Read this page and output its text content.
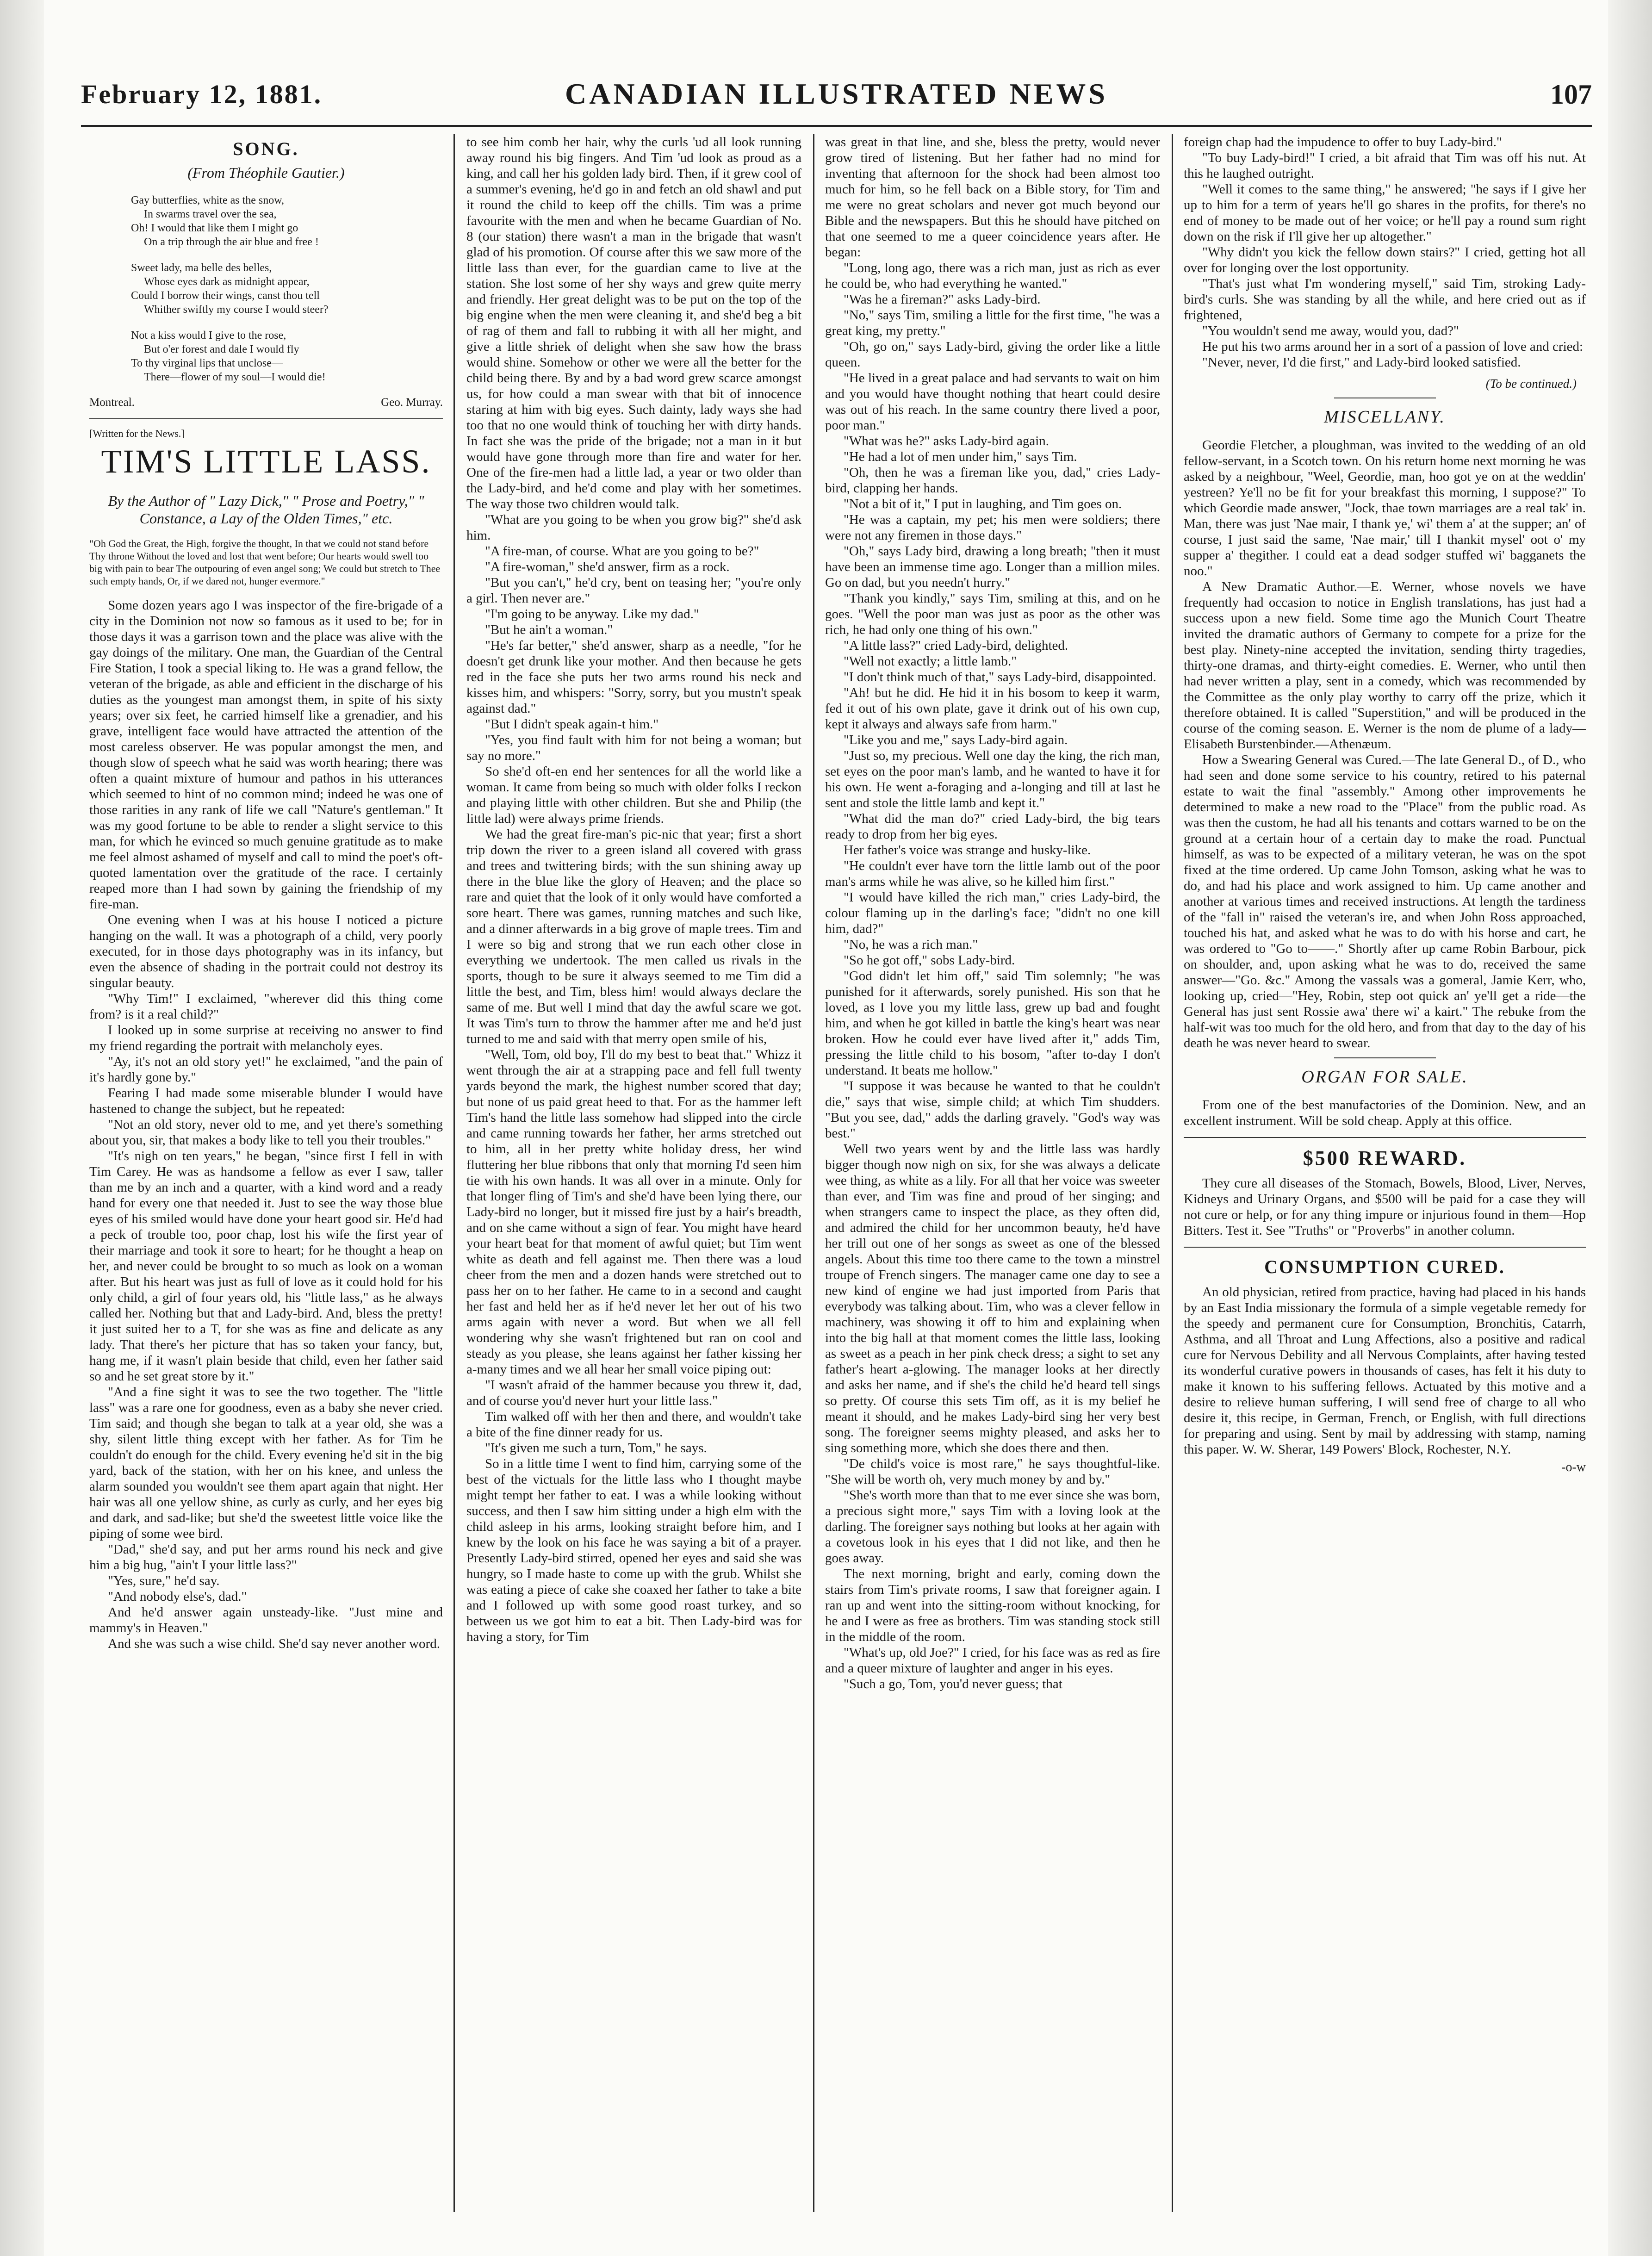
February 12, 1881.	CANADIAN ILLUSTRATED NEWS	107
SONG.
(From Théophile Gautier.)
Gay butterflies, white as the snow,
In swarms travel over the sea,
Oh! I would that like them I might go
On a trip through the air blue and free !
Sweet lady, ma belle des belles,
Whose eyes dark as midnight appear,
Could I borrow their wings, canst thou tell
Whither swiftly my course I would steer?
Not a kiss would I give to the rose,
But o'er forest and dale I would fly
To thy virginal lips that unclose—
There—flower of my soul—I would die!
Montreal.	Geo. Murray.
[Written for the News.]
TIM'S LITTLE LASS.
By the Author of " Lazy Dick," " Prose and Poetry," " Constance, a Lay of the Olden Times," etc.
"Oh God the Great, the High, forgive the thought, In that we could not stand before Thy throne Without the loved and lost that went before; Our hearts would swell too big with pain to bear The outpouring of even angel song; We could but stretch to Thee such empty hands, Or, if we dared not, hunger evermore."

Some dozen years ago I was inspector of the fire-brigade of a city in the Dominion not now so famous as it used to be; for in those days it was a garrison town and the place was alive with the gay doings of the military. One man, the Guardian of the Central Fire Station, I took a special liking to. He was a grand fellow, the veteran of the brigade, as able and efficient in the discharge of his duties as the youngest man amongst them, in spite of his sixty years; over six feet, he carried himself like a grenadier, and his grave, intelligent face would have attracted the attention of the most careless observer. He was popular amongst the men, and though slow of speech what he said was worth hearing; there was often a quaint mixture of humour and pathos in his utterances which seemed to hint of no common mind; indeed he was one of those rarities in any rank of life we call "Nature's gentleman." It was my good fortune to be able to render a slight service to this man, for which he evinced so much genuine gratitude as to make me feel almost ashamed of myself and call to mind the poet's oft-quoted lamentation over the gratitude of the race. I certainly reaped more than I had sown by gaining the friendship of my fire-man.

One evening when I was at his house I noticed a picture hanging on the wall. It was a photograph of a child, very poorly executed, for in those days photography was in its infancy, but even the absence of shading in the portrait could not destroy its singular beauty.

"Why Tim!" I exclaimed, "wherever did this thing come from? is it a real child?"

I looked up in some surprise at receiving no answer to find my friend regarding the portrait with melancholy eyes.

"Ay, it's not an old story yet!" he exclaimed, "and the pain of it's hardly gone by."

Fearing I had made some miserable blunder I would have hastened to change the subject, but he repeated:

"Not an old story, never old to me, and yet there's something about you, sir, that makes a body like to tell you their troubles."

"It's nigh on ten years," he began, "since first I fell in with Tim Carey. He was as handsome a fellow as ever I saw, taller than me by an inch and a quarter, with a kind word and a ready hand for every one that needed it. Just to see the way those blue eyes of his smiled would have done your heart good sir. He'd had a peck of trouble too, poor chap, lost his wife the first year of their marriage and took it sore to heart; for he thought a heap on her, and never could be brought to so much as look on a woman after. But his heart was just as full of love as it could hold for his only child, a girl of four years old, his "little lass," as he always called her. Nothing but that and Lady-bird. And, bless the pretty! it just suited her to a T, for she was as fine and delicate as any lady. That there's her picture that has so taken your fancy, but, hang me, if it wasn't plain beside that child, even her father said so and he set great store by it."

"And a fine sight it was to see the two together. The "little lass" was a rare one for goodness, even as a baby she never cried. Tim said; and though she began to talk at a year old, she was a shy, silent little thing except with her father. As for Tim he couldn't do enough for the child. Every evening he'd sit in the big yard, back of the station, with her on his knee, and unless the alarm sounded you wouldn't see them apart again that night. Her hair was all one yellow shine, as curly as curly, and her eyes big and dark, and sad-like; but she'd the sweetest little voice like the piping of some wee bird.

"Dad," she'd say, and put her arms round his neck and give him a big hug, "ain't I your little lass?"

"Yes, sure," he'd say.

"And nobody else's, dad."

And he'd answer again unsteady-like. "Just mine and mammy's in Heaven."

And she was such a wise child. She'd say never another word.

to see him comb her hair, why the curls 'ud all look running away round his big fingers. And Tim 'ud look as proud as a king, and call her his golden lady bird. Then, if it grew cool of a summer's evening, he'd go in and fetch an old shawl and put it round the child to keep off the chills. Tim was a prime favourite with the men and when he became Guardian of No. 8 (our station) there wasn't a man in the brigade that wasn't glad of his promotion. Of course after this we saw more of the little lass than ever, for the guardian came to live at the station. She lost some of her shy ways and grew quite merry and friendly. Her great delight was to be put on the top of the big engine when the men were cleaning it, and she'd beg a bit of rag of them and fall to rubbing it with all her might, and give a little shriek of delight when she saw how the brass would shine. Somehow or other we were all the better for the child being there. By and by a bad word grew scarce amongst us, for how could a man swear with that bit of innocence staring at him with big eyes. Such dainty, lady ways she had too that no one would think of touching her with dirty hands. In fact she was the pride of the brigade; not a man in it but would have gone through more than fire and water for her. One of the fire-men had a little lad, a year or two older than the Lady-bird, and he'd come and play with her sometimes. The way those two children would talk.

"What are you going to be when you grow big?" she'd ask him.

"A fire-man, of course. What are you going to be?"

"A fire-woman," she'd answer, firm as a rock.

"But you can't," he'd cry, bent on teasing her; "you're only a girl. Then never are."

"I'm going to be anyway. Like my dad."

"But he ain't a woman."

"He's far better," she'd answer, sharp as a needle, "for he doesn't get drunk like your mother. And then because he gets red in the face she puts her two arms round his neck and kisses him, and whispers: "Sorry, sorry, but you mustn't speak against dad."

"But I didn't speak again-t him."

"Yes, you find fault with him for not being a woman; but say no more."

So she'd oft-en end her sentences for all the world like a woman. It came from being so much with older folks I reckon and playing little with other children. But she and Philip (the little lad) were always prime friends.

We had the great fire-man's pic-nic that year; first a short trip down the river to a green island all covered with grass and trees and twittering birds; with the sun shining away up there in the blue like the glory of Heaven; and the place so rare and quiet that the look of it only would have comforted a sore heart. There was games, running matches and such like, and a dinner afterwards in a big grove of maple trees. Tim and I were so big and strong that we run each other close in everything we undertook. The men called us rivals in the sports, though to be sure it always seemed to me Tim did a little the best, and Tim, bless him! would always declare the same of me. But well I mind that day the awful scare we got. It was Tim's turn to throw the hammer after me and he'd just turned to me and said with that merry open smile of his,

"Well, Tom, old boy, I'll do my best to beat that." Whizz it went through the air at a strapping pace and fell full twenty yards beyond the mark, the highest number scored that day; but none of us paid great heed to that. For as the hammer left Tim's hand the little lass somehow had slipped into the circle and came running towards her father, her arms stretched out to him, all in her pretty white holiday dress, her wind fluttering her blue ribbons that only that morning I'd seen him tie with his own hands. It was all over in a minute. Only for that longer fling of Tim's and she'd have been lying there, our Lady-bird no longer, but it missed fire just by a hair's breadth, and on she came without a sign of fear. You might have heard your heart beat for that moment of awful quiet; but Tim went white as death and fell against me. Then there was a loud cheer from the men and a dozen hands were stretched out to pass her on to her father. He came to in a second and caught her fast and held her as if he'd never let her out of his two arms again with never a word. But when we all fell wondering why she wasn't frightened but ran on cool and steady as you please, she leans against her father kissing her a-many times and we all hear her small voice piping out:

"I wasn't afraid of the hammer because you threw it, dad, and of course you'd never hurt your little lass."

Tim walked off with her then and there, and wouldn't take a bite of the fine dinner ready for us.

"It's given me such a turn, Tom," he says.

So in a little time I went to find him, carrying some of the best of the victuals for the little lass who I thought maybe might tempt her father to eat. I was a while looking without success, and then I saw him sitting under a high elm with the child asleep in his arms, looking straight before him, and I knew by the look on his face he was saying a bit of a prayer. Presently Lady-bird stirred, opened her eyes and said she was hungry, so I made haste to come up with the grub. Whilst she was eating a piece of cake she coaxed her father to take a bite and I followed up with some good roast turkey, and so between us we got him to eat a bit. Then Lady-bird was for having a story, for Tim

was great in that line, and she, bless the pretty, would never grow tired of listening. But her father had no mind for inventing that afternoon for the shock had been almost too much for him, so he fell back on a Bible story, for Tim and me were no great scholars and never got much beyond our Bible and the newspapers. But this he should have pitched on that one seemed to me a queer coincidence years after. He began:

"Long, long ago, there was a rich man, just as rich as ever he could be, who had everything he wanted."

"Was he a fireman?" asks Lady-bird.

"No," says Tim, smiling a little for the first time, "he was a great king, my pretty."

"Oh, go on," says Lady-bird, giving the order like a little queen.

"He lived in a great palace and had servants to wait on him and you would have thought nothing that heart could desire was out of his reach. In the same country there lived a poor, poor man."

"What was he?" asks Lady-bird again.

"He had a lot of men under him," says Tim.

"Oh, then he was a fireman like you, dad," cries Lady-bird, clapping her hands.

"Not a bit of it," I put in laughing, and Tim goes on.

"He was a captain, my pet; his men were soldiers; there were not any firemen in those days."

"Oh," says Lady bird, drawing a long breath; "then it must have been an immense time ago. Longer than a million miles. Go on dad, but you needn't hurry."

"Thank you kindly," says Tim, smiling at this, and on he goes. "Well the poor man was just as poor as the other was rich, he had only one thing of his own."

"A little lass?" cried Lady-bird, delighted.

"Well not exactly; a little lamb."

"I don't think much of that," says Lady-bird, disappointed.

"Ah! but he did. He hid it in his bosom to keep it warm, fed it out of his own plate, gave it drink out of his own cup, kept it always and always safe from harm."

"Like you and me," says Lady-bird again.

"Just so, my precious. Well one day the king, the rich man, set eyes on the poor man's lamb, and he wanted to have it for his own. He went a-foraging and a-longing and till at last he sent and stole the little lamb and kept it."

"What did the man do?" cried Lady-bird, the big tears ready to drop from her big eyes.

Her father's voice was strange and husky-like.

"He couldn't ever have torn the little lamb out of the poor man's arms while he was alive, so he killed him first."

"I would have killed the rich man," cries Lady-bird, the colour flaming up in the darling's face; "didn't no one kill him, dad?"

"No, he was a rich man."

"So he got off," sobs Lady-bird.

"God didn't let him off," said Tim solemnly; "he was punished for it afterwards, sorely punished. His son that he loved, as I love you my little lass, grew up bad and fought him, and when he got killed in battle the king's heart was near broken. How he could ever have lived after it," adds Tim, pressing the little child to his bosom, "after to-day I don't understand. It beats me hollow."

"I suppose it was because he wanted to that he couldn't die," says that wise, simple child; at which Tim shudders. "But you see, dad," adds the darling gravely. "God's way was best."

Well two years went by and the little lass was hardly bigger though now nigh on six, for she was always a delicate wee thing, as white as a lily. For all that her voice was sweeter than ever, and Tim was fine and proud of her singing; and when strangers came to inspect the place, as they often did, and admired the child for her uncommon beauty, he'd have her trill out one of her songs as sweet as one of the blessed angels. About this time too there came to the town a minstrel troupe of French singers. The manager came one day to see a new kind of engine we had just imported from Paris that everybody was talking about. Tim, who was a clever fellow in machinery, was showing it off to him and explaining when into the big hall at that moment comes the little lass, looking as sweet as a peach in her pink check dress; a sight to set any father's heart a-glowing. The manager looks at her directly and asks her name, and if she's the child he'd heard tell sings so pretty. Of course this sets Tim off, as it is my belief he meant it should, and he makes Lady-bird sing her very best song. The foreigner seems mighty pleased, and asks her to sing something more, which she does there and then.

"De child's voice is most rare," he says thoughtful-like. "She will be worth oh, very much money by and by."

"She's worth more than that to me ever since she was born, a precious sight more," says Tim with a loving look at the darling. The foreigner says nothing but looks at her again with a covetous look in his eyes that I did not like, and then he goes away.

The next morning, bright and early, coming down the stairs from Tim's private rooms, I saw that foreigner again. I ran up and went into the sitting-room without knocking, for he and I were as free as brothers. Tim was standing stock still in the middle of the room.

"What's up, old Joe?" I cried, for his face was as red as fire and a queer mixture of laughter and anger in his eyes.

"Such a go, Tom, you'd never guess; that

foreign chap had the impudence to offer to buy Lady-bird."

"To buy Lady-bird!" I cried, a bit afraid that Tim was off his nut. At this he laughed outright.

"Well it comes to the same thing," he answered; "he says if I give her up to him for a term of years he'll go shares in the profits, for there's no end of money to be made out of her voice; or he'll pay a round sum right down on the risk if I'll give her up altogether."

"Why didn't you kick the fellow down stairs?" I cried, getting hot all over for longing over the lost opportunity.

"That's just what I'm wondering myself," said Tim, stroking Lady-bird's curls. She was standing by all the while, and here cried out as if frightened,

"You wouldn't send me away, would you, dad?"

He put his two arms around her in a sort of a passion of love and cried:

"Never, never, I'd die first," and Lady-bird looked satisfied.

(To be continued.)
MISCELLANY.

Geordie Fletcher, a ploughman, was invited to the wedding of an old fellow-servant, in a Scotch town. On his return home next morning he was asked by a neighbour, "Weel, Geordie, man, hoo got ye on at the weddin' yestreen? Ye'll no be fit for your breakfast this morning, I suppose?" To which Geordie made answer, "Jock, thae town marriages are a real tak' in. Man, there was just 'Nae mair, I thank ye,' wi' them a' at the supper; an' of course, I just said the same, 'Nae mair,' till I thankit mysel' oot o' my supper a' thegither. I could eat a dead sodger stuffed wi' bagganets the noo."

A New Dramatic Author.—E. Werner, whose novels we have frequently had occasion to notice in English translations, has just had a success upon a new field. Some time ago the Munich Court Theatre invited the dramatic authors of Germany to compete for a prize for the best play. Ninety-nine accepted the invitation, sending thirty tragedies, thirty-one dramas, and thirty-eight comedies. E. Werner, who until then had never written a play, sent in a comedy, which was recommended by the Committee as the only play worthy to carry off the prize, which it therefore obtained. It is called "Superstition," and will be produced in the course of the coming season. E. Werner is the nom de plume of a lady—Elisabeth Burstenbinder.—Athenæum.

How a Swearing General was Cured.—The late General D., of D., who had seen and done some service to his country, retired to his paternal estate to wait the final "assembly." Among other improvements he determined to make a new road to the "Place" from the public road. As was then the custom, he had all his tenants and cottars warned to be on the ground at a certain hour of a certain day to make the road. Punctual himself, as was to be expected of a military veteran, he was on the spot fixed at the time ordered. Up came John Tomson, asking what he was to do, and had his place and work assigned to him. Up came another and another at various times and received instructions. At length the tardiness of the "fall in" raised the veteran's ire, and when John Ross approached, touched his hat, and asked what he was to do with his horse and cart, he was ordered to "Go to——." Shortly after up came Robin Barbour, pick on shoulder, and, upon asking what he was to do, received the same answer—"Go. &c." Among the vassals was a gomeral, Jamie Kerr, who, looking up, cried—"Hey, Robin, step oot quick an' ye'll get a ride—the General has just sent Rossie awa' there wi' a kairt." The rebuke from the half-wit was too much for the old hero, and from that day to the day of his death he was never heard to swear.

ORGAN FOR SALE.

From one of the best manufactories of the Dominion. New, and an excellent instrument. Will be sold cheap. Apply at this office.

$500 REWARD.

They cure all diseases of the Stomach, Bowels, Blood, Liver, Nerves, Kidneys and Urinary Organs, and $500 will be paid for a case they will not cure or help, or for any thing impure or injurious found in them—Hop Bitters. Test it. See "Truths" or "Proverbs" in another column.

CONSUMPTION CURED.

An old physician, retired from practice, having had placed in his hands by an East India missionary the formula of a simple vegetable remedy for the speedy and permanent cure for Consumption, Bronchitis, Catarrh, Asthma, and all Throat and Lung Affections, also a positive and radical cure for Nervous Debility and all Nervous Complaints, after having tested its wonderful curative powers in thousands of cases, has felt it his duty to make it known to his suffering fellows. Actuated by this motive and a desire to relieve human suffering, I will send free of charge to all who desire it, this recipe, in German, French, or English, with full directions for preparing and using. Sent by mail by addressing with stamp, naming this paper. W. W. Sherar, 149 Powers' Block, Rochester, N.Y.

-o-w
